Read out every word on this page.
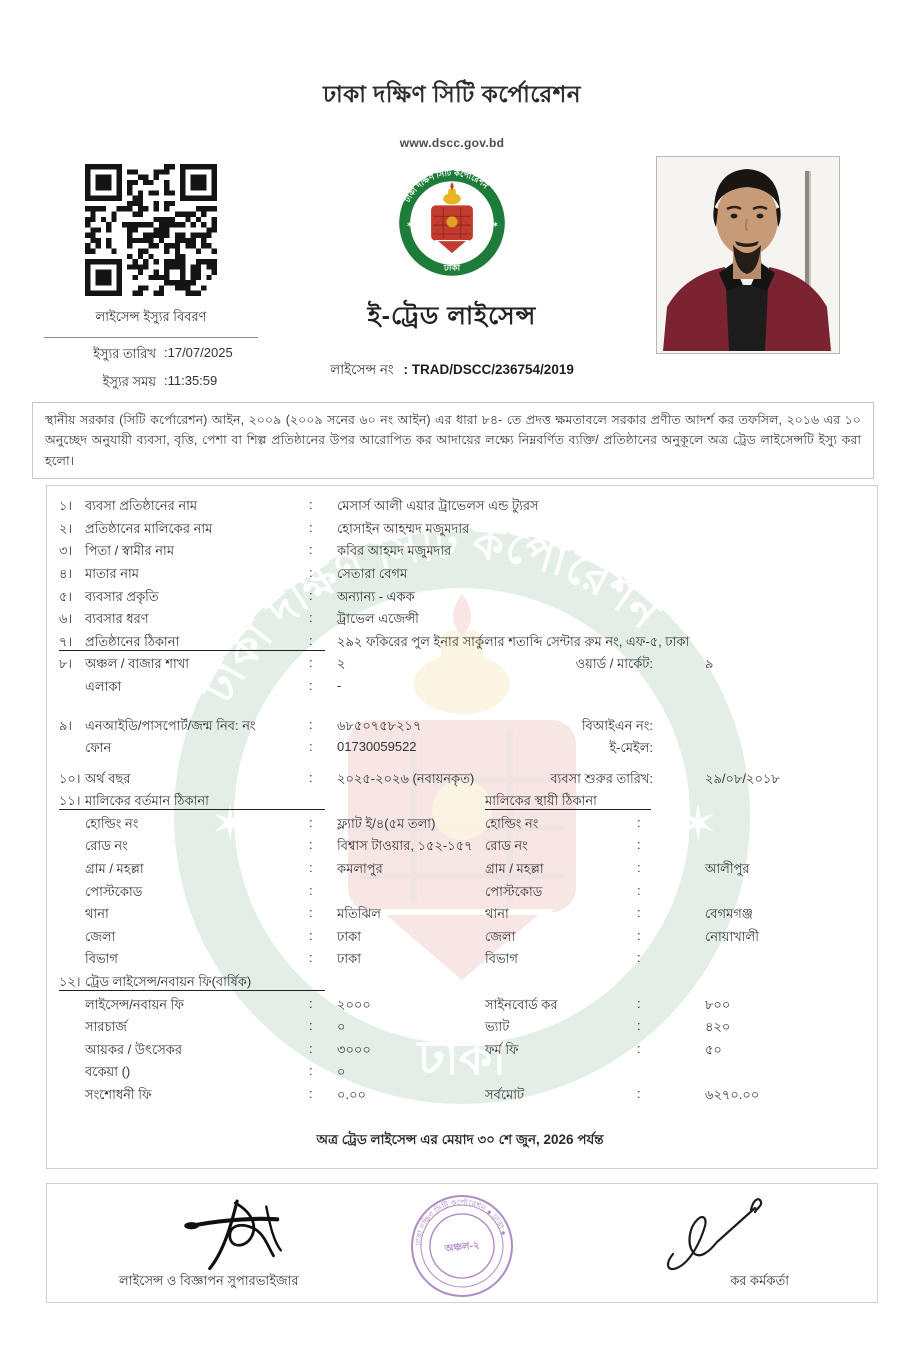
ঢাকা দক্ষিণ সিটি কর্পোরেশন
www.dscc.gov.bd
লাইসেন্স ইস্যুর বিবরণ
ইস্যুর তারিখ :17/07/2025
ইস্যুর সময় :11:35:59
ই-ট্রেড লাইসেন্স
লাইসেন্স নং : TRAD/DSCC/236754/2019
স্থানীয় সরকার (সিটি কর্পোরেশন) আইন, ২০০৯ (২০০৯ সনের ৬০ নং আইন) এর ধারা ৮৪- তে প্রদত্ত ক্ষমতাবলে সরকার প্রণীত আদর্শ কর তফসিল, ২০১৬ এর ১০ অনুচ্ছেদ অনুযায়ী ব্যবসা, বৃত্তি, পেশা বা শিল্প প্রতিষ্ঠানের উপর আরোপিত কর আদায়ের লক্ষ্যে নিম্নবর্ণিত ব্যক্তি/ প্রতিষ্ঠানের অনুকূলে অত্র ট্রেড লাইসেন্সটি ইস্যু করা হলো।
১। ব্যবসা প্রতিষ্ঠানের নাম	:	মেসার্স আলী এয়ার ট্রাভেলস এন্ড ট্যুরস
২। প্রতিষ্ঠানের মালিকের নাম	:	হোসাইন আহম্মদ মজুমদার
৩। পিতা / স্বামীর নাম	:	কবির আহমদ মজুমদার
৪। মাতার নাম	:	সেতারা বেগম
৫। ব্যবসার প্রকৃতি	:	অন্যান্য - একক
৬। ব্যবসার ধরণ	:	ট্রাভেল এজেন্সী
৭। প্রতিষ্ঠানের ঠিকানা	:	২৯২ ফকিরের পুল ইনার সার্কুলার শতাব্দি সেন্টার রুম নং, এফ-৫, ঢাকা
৮। অঞ্চল / বাজার শাখা	:	২	ওয়ার্ড / মার্কেট:	৯
এলাকা	:	-
৯। এনআইডি/পাসপোর্ট/জন্ম নিব: নং	:	৬৮৫০৭৫৮২১৭	বিআইএন নং:
ফোন	:	01730059522	ই-মেইল:
১০। অর্থ বছর	:	২০২৫-২০২৬ (নবায়নকৃত)	ব্যবসা শুরুর তারিখ:	২৯/০৮/২০১৮
১১। মালিকের বর্তমান ঠিকানা	মালিকের স্থায়ী ঠিকানা
হোল্ডিং নং	:	ফ্ল্যাট ই/৪(৫ম তলা)	হোল্ডিং নং	:
রোড নং	:	বিশ্বাস টাওয়ার, ১৫২-১৫৭ রোড নং	:
গ্রাম / মহল্লা	:	কমলাপুর	গ্রাম / মহল্লা	:	আলীপুর
পোস্টকোড	:	পোস্টকোড	:
থানা	:	মতিঝিল	থানা	:	বেগমগঞ্জ
জেলা	:	ঢাকা	জেলা	:	নোয়াখালী
বিভাগ	:	ঢাকা	বিভাগ	:
১২। ট্রেড লাইসেন্স/নবায়ন ফি(বার্ষিক)
লাইসেন্স/নবায়ন ফি	:	২০০০	সাইনবোর্ড কর	:	৮০০
সারচার্জ	:	০	ভ্যাট	:	৪২০
আয়কর / উৎসেকর	:	৩০০০	ফর্ম ফি	:	৫০
বকেয়া ()	:	০
সংশোধনী ফি	:	০.০০	সর্বমোট	:	৬২৭০.০০
অত্র ট্রেড লাইসেন্স এর মেয়াদ ৩০ শে জুন, 2026 পর্যন্ত
ঢাকা দক্ষিণ সিটি কর্পোরেশন ● ঢাকা ●
অঞ্চল-২
লাইসেন্স ও বিজ্ঞাপন সুপারভাইজার	কর কর্মকর্তা
